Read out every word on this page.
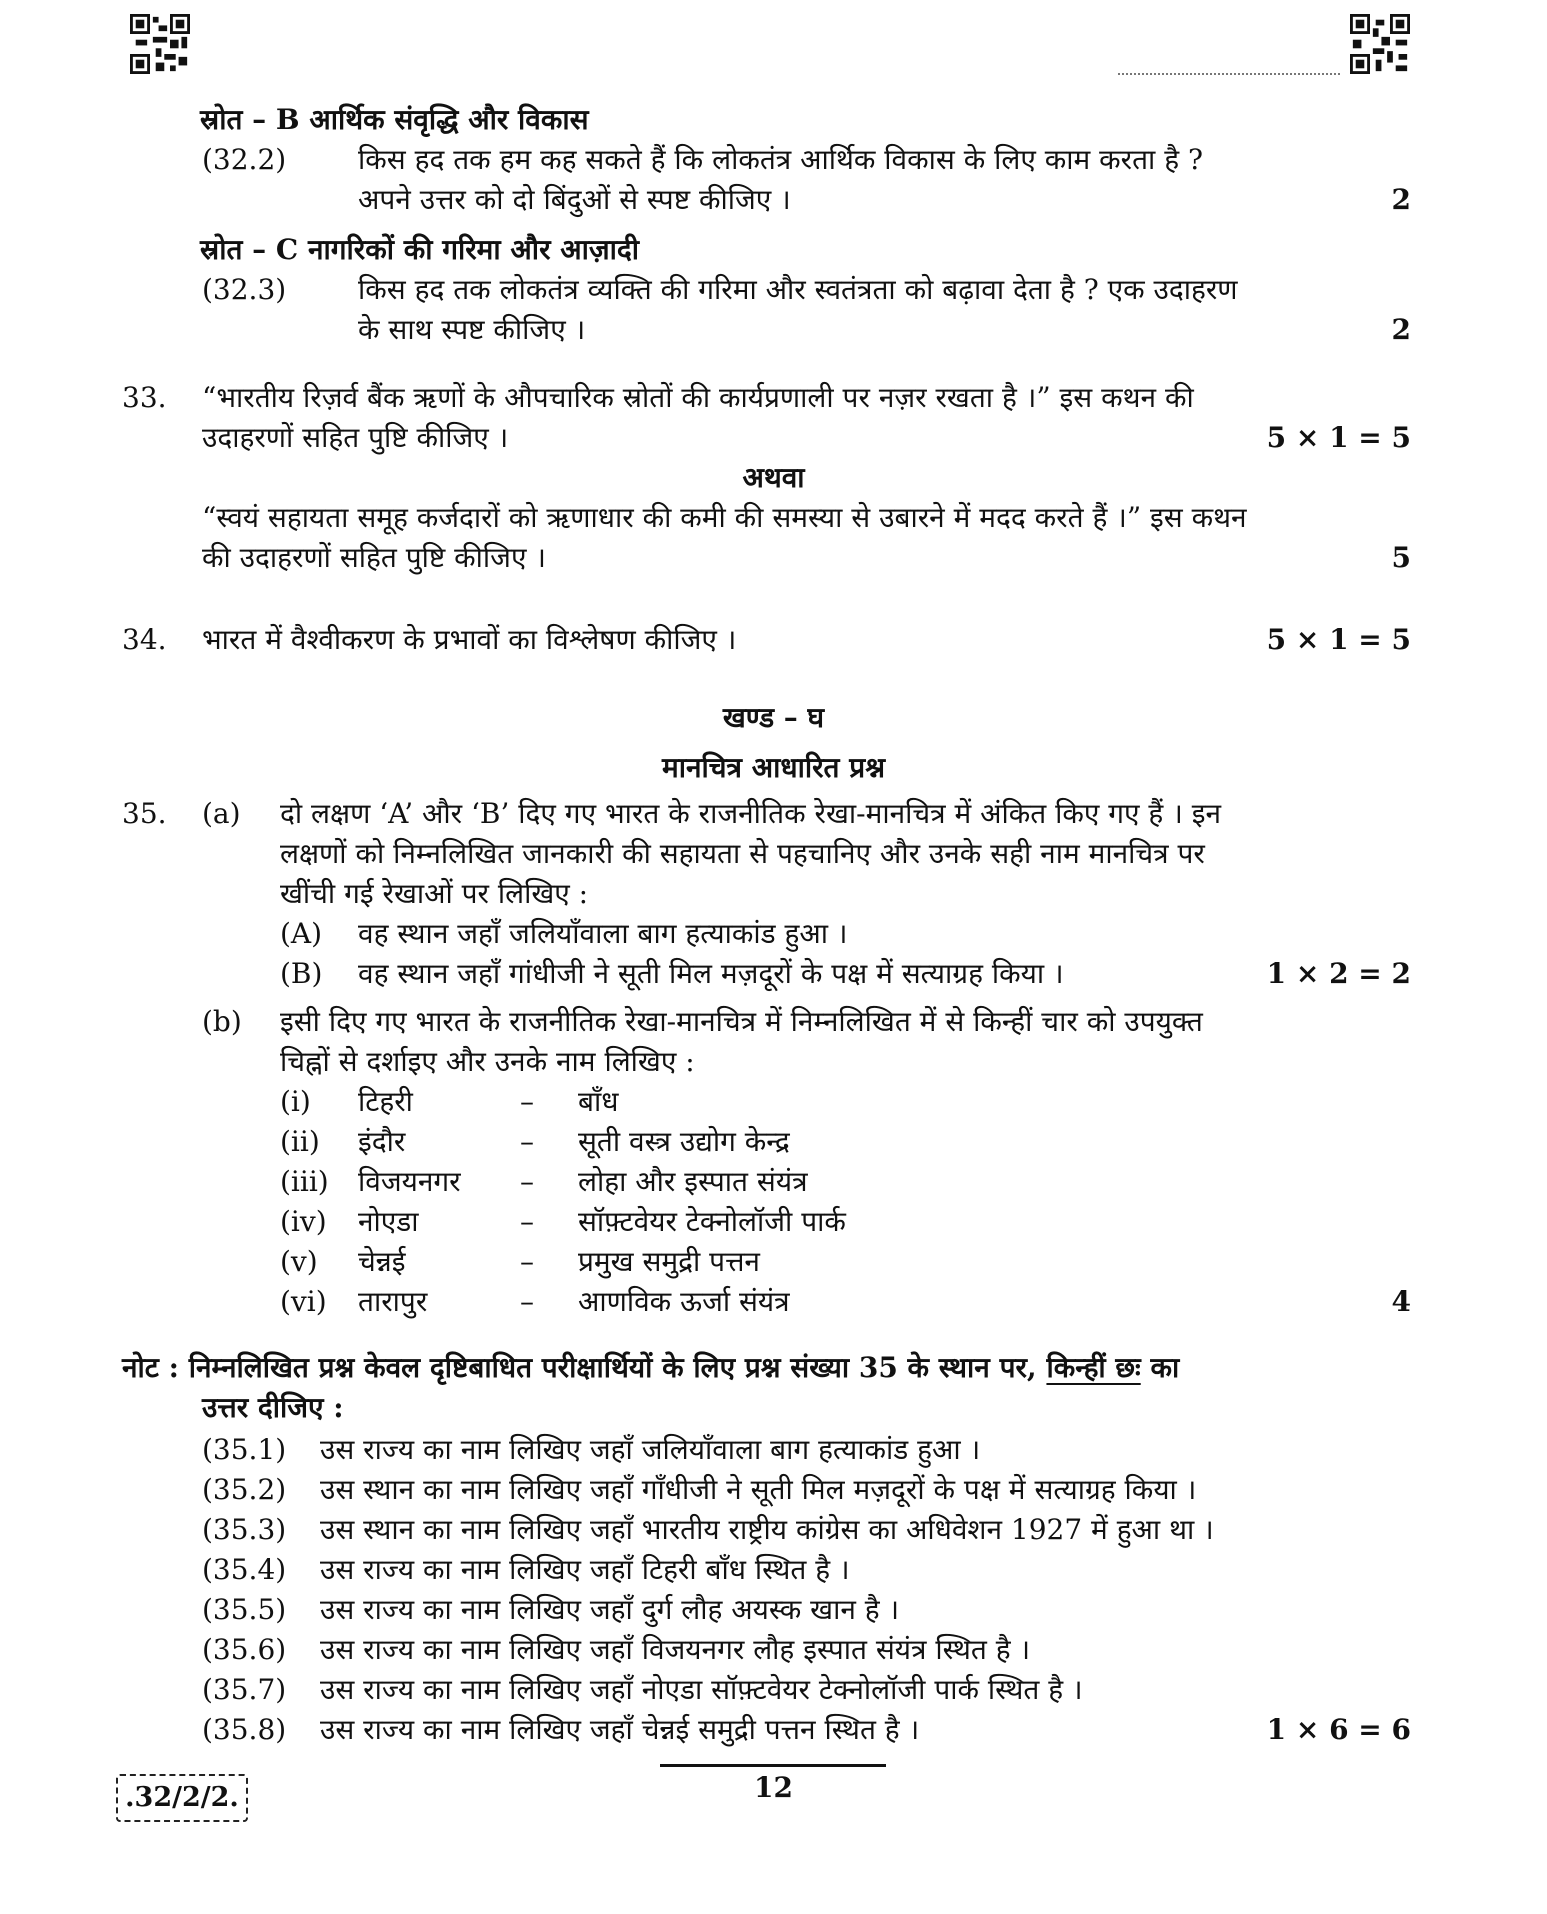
स्रोत – B आर्थिक संवृद्धि और विकास
(32.2)	किस हद तक हम कह सकते हैं कि लोकतंत्र आर्थिक विकास के लिए काम करता है ?
अपने उत्तर को दो बिंदुओं से स्पष्ट कीजिए ।	2
स्रोत – C नागरिकों की गरिमा और आज़ादी
(32.3)	किस हद तक लोकतंत्र व्यक्ति की गरिमा और स्वतंत्रता को बढ़ावा देता है ? एक उदाहरण
के साथ स्पष्ट कीजिए ।	2
33. “भारतीय रिज़र्व बैंक ऋणों के औपचारिक स्रोतों की कार्यप्रणाली पर नज़र रखता है ।” इस कथन की
उदाहरणों सहित पुष्टि कीजिए ।	5 × 1 = 5
अथवा
“स्वयं सहायता समूह कर्जदारों को ऋणाधार की कमी की समस्या से उबारने में मदद करते हैं ।” इस कथन
की उदाहरणों सहित पुष्टि कीजिए ।	5
34. भारत में वैश्वीकरण के प्रभावों का विश्लेषण कीजिए ।	5 × 1 = 5
खण्ड – घ
मानचित्र आधारित प्रश्न
35. (a) दो लक्षण ‘A’ और ‘B’ दिए गए भारत के राजनीतिक रेखा-मानचित्र में अंकित किए गए हैं । इन
लक्षणों को निम्नलिखित जानकारी की सहायता से पहचानिए और उनके सही नाम मानचित्र पर
खींची गई रेखाओं पर लिखिए :
(A) वह स्थान जहाँ जलियाँवाला बाग हत्याकांड हुआ ।
(B) वह स्थान जहाँ गांधीजी ने सूती मिल मज़दूरों के पक्ष में सत्याग्रह किया ।	1 × 2 = 2
(b) इसी दिए गए भारत के राजनीतिक रेखा-मानचित्र में निम्नलिखित में से किन्हीं चार को उपयुक्त
चिह्नों से दर्शाइए और उनके नाम लिखिए :
(i) टिहरी	– बाँध
(ii) इंदौर	– सूती वस्त्र उद्योग केन्द्र
(iii) विजयनगर – लोहा और इस्पात संयंत्र
(iv) नोएडा	– सॉफ़्टवेयर टेक्नोलॉजी पार्क
(v) चेन्नई	– प्रमुख समुद्री पत्तन
(vi) तारापुर	– आणविक ऊर्जा संयंत्र	4
नोट : निम्नलिखित प्रश्न केवल दृष्टिबाधित परीक्षार्थियों के लिए प्रश्न संख्या 35 के स्थान पर, किन्हीं छः का
उत्तर दीजिए :
(35.1) उस राज्य का नाम लिखिए जहाँ जलियाँवाला बाग हत्याकांड हुआ ।
(35.2) उस स्थान का नाम लिखिए जहाँ गाँधीजी ने सूती मिल मज़दूरों के पक्ष में सत्याग्रह किया ।
(35.3) उस स्थान का नाम लिखिए जहाँ भारतीय राष्ट्रीय कांग्रेस का अधिवेशन 1927 में हुआ था ।
(35.4) उस राज्य का नाम लिखिए जहाँ टिहरी बाँध स्थित है ।
(35.5) उस राज्य का नाम लिखिए जहाँ दुर्ग लौह अयस्क खान है ।
(35.6) उस राज्य का नाम लिखिए जहाँ विजयनगर लौह इस्पात संयंत्र स्थित है ।
(35.7) उस राज्य का नाम लिखिए जहाँ नोएडा सॉफ़्टवेयर टेक्नोलॉजी पार्क स्थित है ।
(35.8) उस राज्य का नाम लिखिए जहाँ चेन्नई समुद्री पत्तन स्थित है ।	1 × 6 = 6
.32/2/2.	12
